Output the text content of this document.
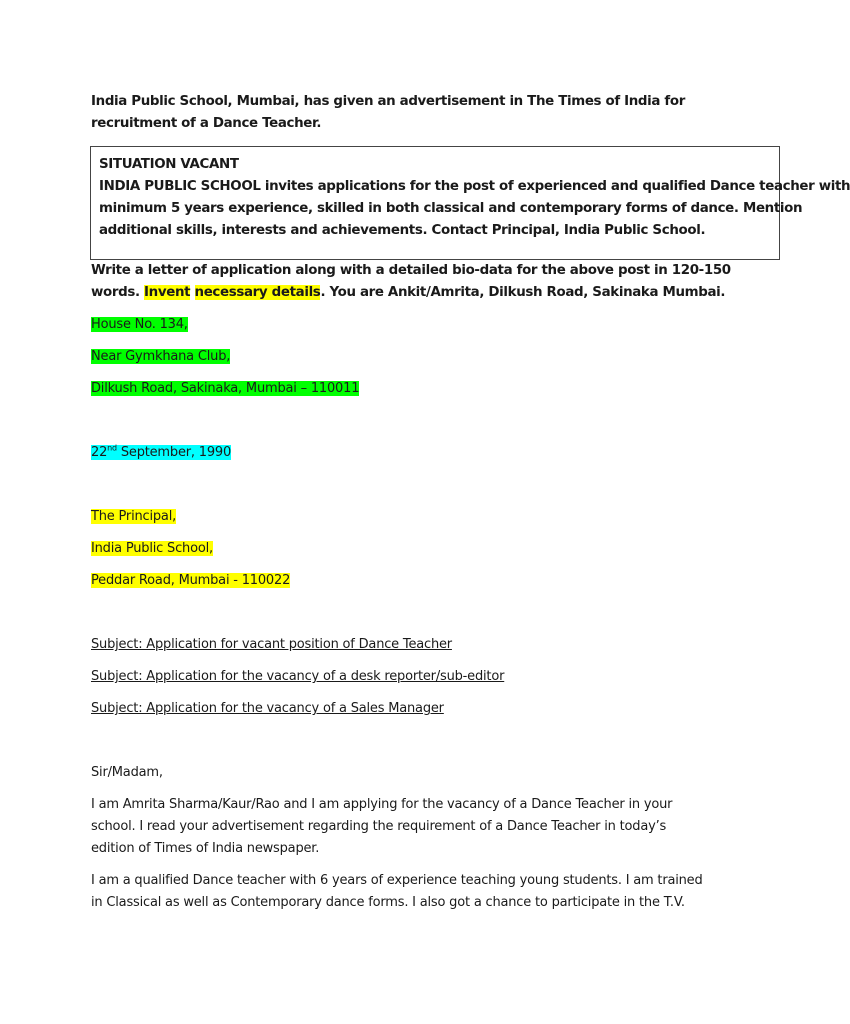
India Public School, Mumbai, has given an advertisement in The Times of India for
recruitment of a Dance Teacher.
SITUATION VACANT
INDIA PUBLIC SCHOOL invites applications for the post of experienced and qualified Dance teacher with
minimum 5 years experience, skilled in both classical and contemporary forms of dance. Mention
additional skills, interests and achievements. Contact Principal, India Public School.
Write a letter of application along with a detailed bio-data for the above post in 120-150
words. Invent necessary details. You are Ankit/Amrita, Dilkush Road, Sakinaka Mumbai.
House No. 134,
Near Gymkhana Club,
Dilkush Road, Sakinaka, Mumbai – 110011
22nd September, 1990
The Principal,
India Public School,
Peddar Road, Mumbai - 110022
Subject: Application for vacant position of Dance Teacher
Subject: Application for the vacancy of a desk reporter/sub-editor
Subject: Application for the vacancy of a Sales Manager
Sir/Madam,
I am Amrita Sharma/Kaur/Rao and I am applying for the vacancy of a Dance Teacher in your
school. I read your advertisement regarding the requirement of a Dance Teacher in today’s
edition of Times of India newspaper.
I am a qualified Dance teacher with 6 years of experience teaching young students. I am trained
in Classical as well as Contemporary dance forms. I also got a chance to participate in the T.V.
